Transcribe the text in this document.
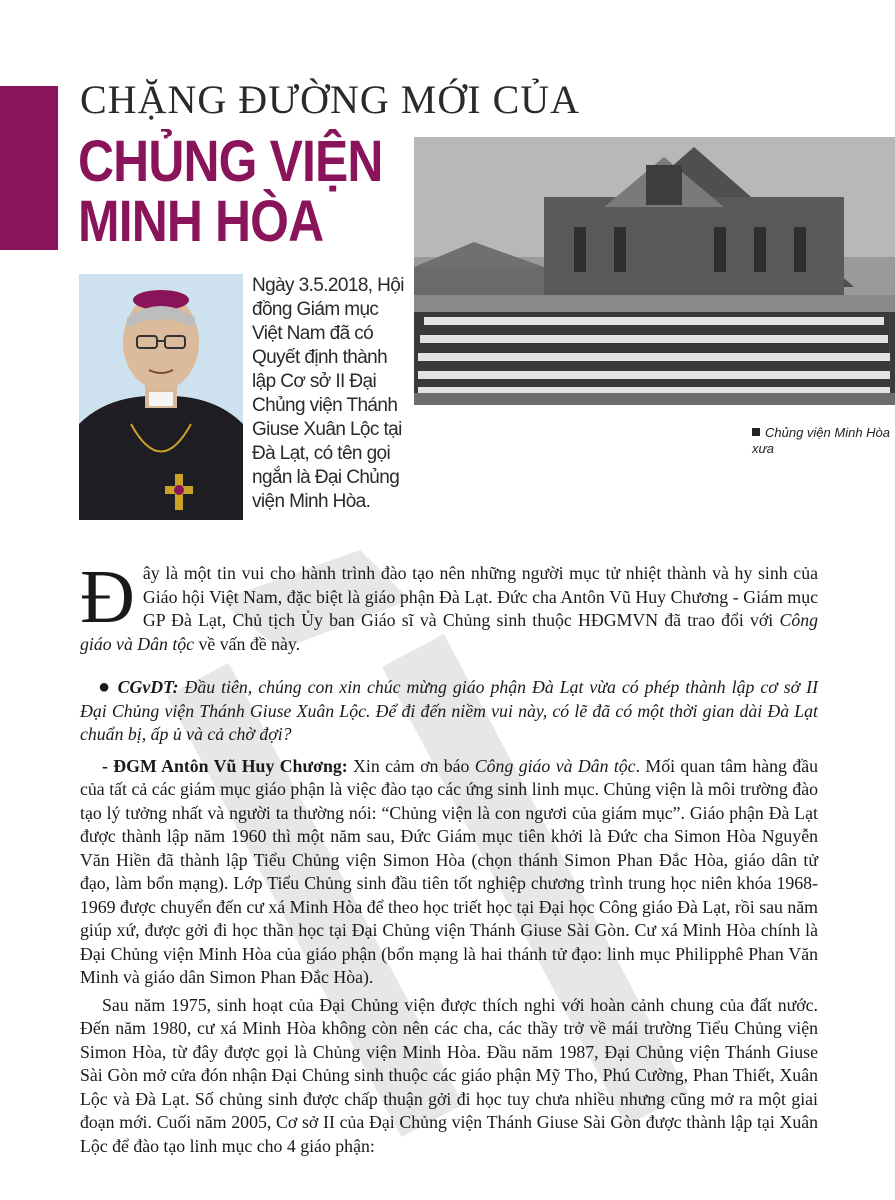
CHẶNG ĐƯỜNG MỚI CỦA
CHỦNG VIỆN
MINH HÒA
Chủng viện Minh Hòa xưa
Ngày 3.5.2018, Hội đồng Giám mục Việt Nam đã có Quyết định thành lập Cơ sở II Đại Chủng viện Thánh Giuse Xuân Lộc tại Đà Lạt, có tên gọi ngắn là Đại Chủng viện Minh Hòa.

Đây là một tin vui cho hành trình đào tạo nên những người mục tử nhiệt thành và hy sinh của Giáo hội Việt Nam, đặc biệt là giáo phận Đà Lạt. Đức cha Antôn Vũ Huy Chương - Giám mục GP Đà Lạt, Chủ tịch Ủy ban Giáo sĩ và Chủng sinh thuộc HĐGMVN đã trao đổi với Công giáo và Dân tộc về vấn đề này.

● CGvDT: Đầu tiên, chúng con xin chúc mừng giáo phận Đà Lạt vừa có phép thành lập cơ sở II Đại Chủng viện Thánh Giuse Xuân Lộc. Để đi đến niềm vui này, có lẽ đã có một thời gian dài Đà Lạt chuẩn bị, ấp ủ và cả chờ đợi?

- ĐGM Antôn Vũ Huy Chương: Xin cảm ơn báo Công giáo và Dân tộc. Mối quan tâm hàng đầu của tất cả các giám mục giáo phận là việc đào tạo các ứng sinh linh mục. Chủng viện là môi trường đào tạo lý tưởng nhất và người ta thường nói: “Chủng viện là con ngươi của giám mục”. Giáo phận Đà Lạt được thành lập năm 1960 thì một năm sau, Đức Giám mục tiên khởi là Đức cha Simon Hòa Nguyễn Văn Hiền đã thành lập Tiểu Chủng viện Simon Hòa (chọn thánh Simon Phan Đắc Hòa, giáo dân tử đạo, làm bổn mạng). Lớp Tiểu Chủng sinh đầu tiên tốt nghiệp chương trình trung học niên khóa 1968-1969 được chuyển đến cư xá Minh Hòa để theo học triết học tại Đại học Công giáo Đà Lạt, rồi sau năm giúp xứ, được gởi đi học thần học tại Đại Chủng viện Thánh Giuse Sài Gòn. Cư xá Minh Hòa chính là Đại Chủng viện Minh Hòa của giáo phận (bổn mạng là hai thánh tử đạo: linh mục Philipphê Phan Văn Minh và giáo dân Simon Phan Đắc Hòa).

Sau năm 1975, sinh hoạt của Đại Chủng viện được thích nghi với hoàn cảnh chung của đất nước. Đến năm 1980, cư xá Minh Hòa không còn nên các cha, các thầy trở về mái trường Tiểu Chủng viện Simon Hòa, từ đây được gọi là Chủng viện Minh Hòa. Đầu năm 1987, Đại Chủng viện Thánh Giuse Sài Gòn mở cửa đón nhận Đại Chủng sinh thuộc các giáo phận Mỹ Tho, Phú Cường, Phan Thiết, Xuân Lộc và Đà Lạt. Số chủng sinh được chấp thuận gởi đi học tuy chưa nhiều nhưng cũng mở ra một giai đoạn mới. Cuối năm 2005, Cơ sở II của Đại Chủng viện Thánh Giuse Sài Gòn được thành lập tại Xuân Lộc để đào tạo linh mục cho 4 giáo phận:
